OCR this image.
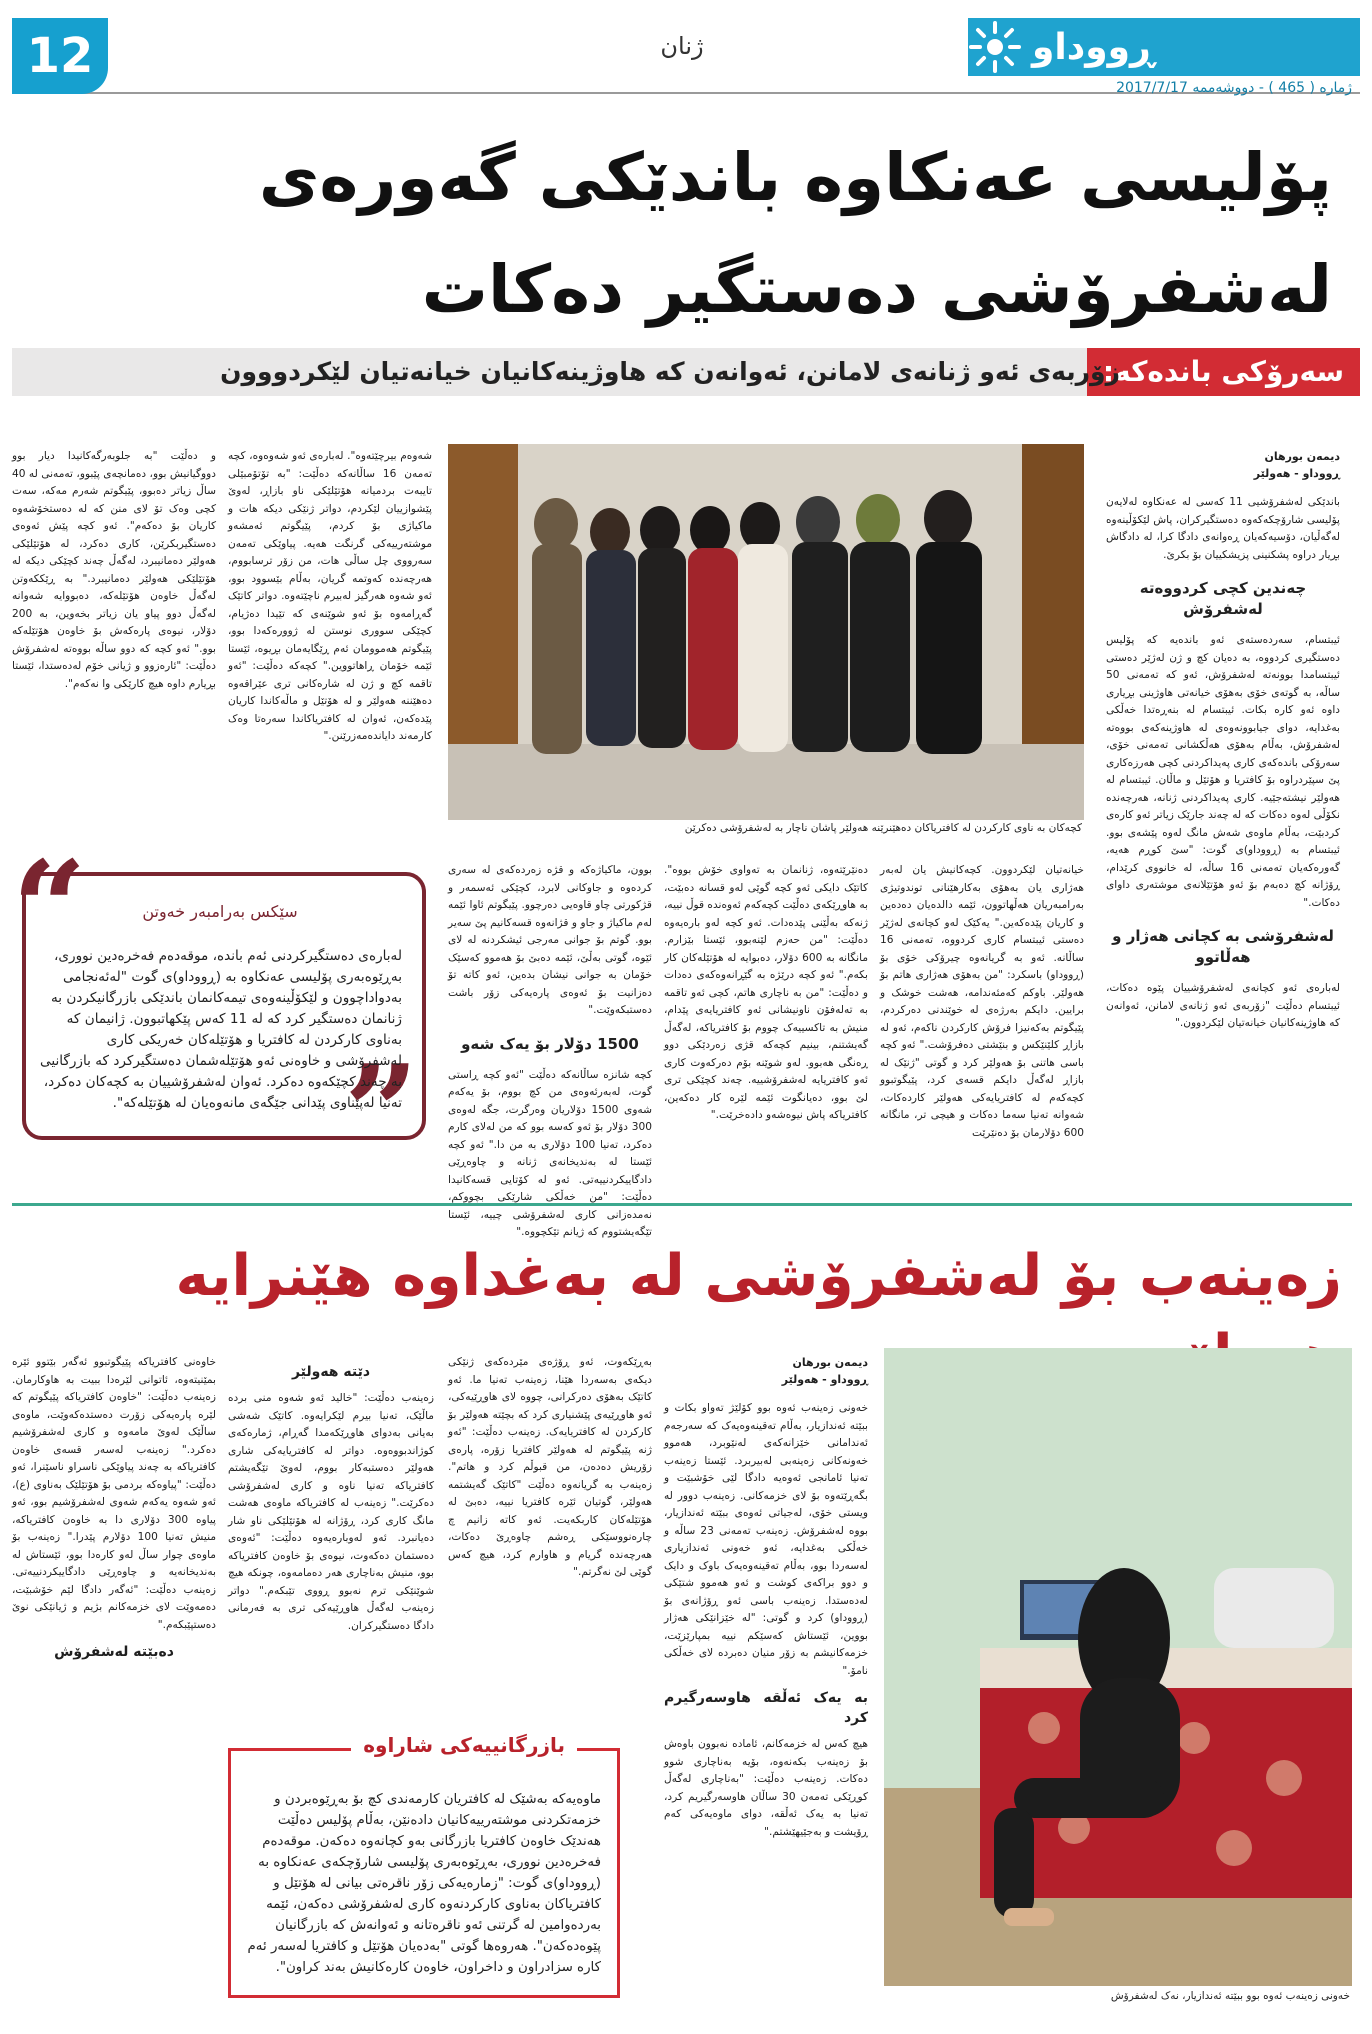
12	ژنان	ڕووداو
ژمارە ( 465 ) - دووشەممە 2017/7/17
پۆلیسی عەنكاوە باندێكی گەورەی لەشفرۆشی دەستگیر دەكات
سەرۆکی باندەکە:
زۆربەی ئەو ژنانەی لامانن، ئەوانەن کە هاوژینەکانیان خیانەتیان لێکردووون
دیمەن بورهان
ڕووداو - هەولێر

باندێکی لەشفرۆشیی 11 کەسی لە عەنکاوە لەلایەن پۆلیسی شارۆچکەکەوە دەستگیرکران، پاش لێکۆڵینەوە لەگەڵیان، دۆسیەکەیان ڕەوانەی دادگا کرا، لە دادگاش بڕیار دراوە پشکنینی پزیشکییان بۆ بکرێ.

چەندین کچی کردووەتە لەشفرۆش

ئیبتسام، سەردەستەی ئەو باندەیە کە پۆلیس دەستگیری کردووە، بە دەیان کچ و ژن لەژێر دەستی ئیبتسامدا بوونەتە لەشفرۆش، ئەو کە تەمەنی 50 ساڵە، بە گوتەی خۆی بەهۆی خیانەتی هاوژینی بڕیاری داوە ئەو کارە بکات. ئیبتسام لە بنەڕەتدا خەڵکی بەغدایە، دوای جیابوونەوەی لە هاوژینەکەی بووەتە لەشفرۆش، بەڵام بەهۆی هەڵکشانی تەمەنی خۆی، سەرۆکی باندەکەی کاری پەیداکردنی کچی هەرزەکاری پێ سپێردراوە بۆ کافتریا و هۆتێل و ماڵان. ئیبتسام لە هەولێر نیشتەجێیە. کاری پەیداکردنی ژنانە، هەرچەندە نکۆڵی لەوە دەکات کە لە چەند جارێک زیاتر ئەو کارەی کردبێت، بەڵام ماوەی شەش مانگ لەوە پێشەی بوو. ئیبتسام بە (ڕووداو)ی گوت: "سێ کوڕم هەیە، گەورەکەیان تەمەنی 16 ساڵە، لە خانووی کرێدام، ڕۆژانە کچ دەبەم بۆ ئەو هۆتێلانەی موشتەری داوای دەکات."

لەشفرۆشی بە کچانی هەژار و هەڵاتوو

لەبارەی ئەو کچانەی لەشفرۆشییان پێوە دەکات، ئیبتسام دەڵێت "زۆربەی ئەو ژنانەی لامانن، ئەوانەن کە هاوژینەکانیان خیانەتیان لێکردوون."

کچەکان بە ناوی کارکردن لە کافتریاکان دەهێنرێنە هەولێر پاشان ناچار بە لەشفرۆشی دەکرێن

خیانەتیان لێکردوون. کچەکانیش یان لەبەر هەژاری یان بەهۆی بەکارهێنانی توندوتیژی بەرامبەریان هەڵهاتوون، ئێمە دالدەیان دەدەین و کاریان پێدەکەین." یەکێک لەو کچانەی لەژێر دەستی ئیبتسام کاری کردووە، تەمەنی 16 ساڵانە. ئەو بە گریانەوە چیرۆکی خۆی بۆ (ڕووداو) باسکرد: "من بەهۆی هەژاری هاتم بۆ هەولێر. باوکم کەمئەندامە، هەشت خوشک و برایین. دایکم بەرژەی لە خوێندنی دەرکردم، پێیگوتم بەکەنیزا فرۆش کارکردن ناکەم، ئەو لە بازاڕ کلێنێکس و بنێشتی دەفرۆشت." ئەو کچە باسی هاتنی بۆ هەولێر کرد و گوتی "ژنێک لە بازاڕ لەگەڵ دایکم قسەی کرد، پێیگوتبوو کچەکەم لە کافتریایەکی هەولێر کاردەکات، شەوانە تەنیا سەما دەکات و هیچی تر، مانگانە 600 دۆلارمان بۆ دەنێرێت

دەنێرێتەوە، ژنانمان بە تەواوی خۆش بووە". کاتێک دایکی ئەو کچە گوێی لەو قسانە دەبێت، بە هاوڕێکەی دەڵێت کچەکەم ئەوەندە قوڵ نییە، ژنەکە بەڵێنی پێدەدات. ئەو کچە لەو بارەیەوە دەڵێت: "من حەزم لێنەبوو، ئێستا بێزارم. مانگانە بە 600 دۆلار، دەبوایە لە هۆتێلەکان کار بکەم." ئەو کچە درێژە بە گێڕانەوەکەی دەدات و دەڵێت: "من بە ناچاری هاتم، کچی ئەو تاقمە بە تەلەفۆن ناونیشانی ئەو کافتریایەی پێدام، منیش بە تاکسییەک چووم بۆ کافتریاکە، لەگەڵ گەیشتنم، بینیم کچەکە قژی زەردێکی دوو ڕەنگی هەبوو. لەو شوێنە بۆم دەرکەوت کاری ئەو کافتریایە لەشفرۆشییە. چەند کچێکی تری لێ بوو، دەیانگوت ئێمە لێرە کار دەکەین، کافتریاکە پاش نیوەشەو دادەخرێت."

بوون، ماکیاژەکە و قژە زەردەکەی لە سەری کردەوە و جاوکانی لابرد، کچێکی ئەسمەر و قژکورتی چاو قاوەیی دەرچوو. پێیگوتم ئاوا ئێمە لەم ماکیاژ و جاو و قژانەوە قسەکانیم پێ سەیر بوو. گوتم بۆ جوانی مەرجی ئیشکردنە لە لای ئێوە، گوتی بەڵێ، ئێمە دەبێ بۆ هەموو کەسێک خۆمان بە جوانی نیشان بدەین، ئەو کاتە تۆ دەزانیت بۆ ئەوەی پارەیەکی زۆر باشت دەستبکەوێت."

1500 دۆلار بۆ یەک شەو

کچە شانزە ساڵانەکە دەڵێت "ئەو کچە ڕاستی گوت، لەبەرئەوەی من کچ بووم، بۆ یەکەم شەوی 1500 دۆلاریان وەرگرت، جگە لەوەی 300 دۆلار بۆ ئەو کەسە بوو کە من لەلای کارم دەکرد، تەنیا 100 دۆلاری بە من دا." ئەو کچە ئێستا لە بەندیخانەی ژنانە و چاوەڕێی دادگاییکردنییەتی. ئەو لە کۆتایی قسەکانیدا دەڵێت: "من خەڵکی شارێکی بچووکم، نەمدەزانی کاری لەشفرۆشی چییە، ئێستا تێگەیشتووم کە ژیانم تێکچووە."

شەوەم بیرچێتەوە". لەبارەی ئەو شەوەوە، کچە تەمەن 16 ساڵانەکە دەڵێت: "بە تۆتۆمبێلی تایبەت بردمیانە هۆتێلێکی ناو بازاڕ، لەوێ پێشوازییان لێکردم، دواتر ژنێکی دیکە هات و ماکیاژی بۆ کردم، پێیگوتم ئەمشەو موشتەرییەکی گرنگت هەیە. پیاوێکی تەمەن سەرووی چل ساڵی هات، من زۆر ترسابووم، هەرچەندە کەوتمە گریان، بەڵام بێسوود بوو، ئەو شەوە هەرگیز لەبیرم ناچێتەوە. دواتر کاتێک گەڕامەوە بۆ ئەو شوێنەی کە تێیدا دەژیام، کچێکی سووری نوستن لە ژوورەکەدا بوو، پێیگوتم هەموومان ئەم ڕێگایەمان بڕیوە، ئێستا ئێمە خۆمان ڕاهاتووین." کچەکە دەڵێت: "ئەو تاقمە کچ و ژن لە شارەکانی تری عێراقەوە دەهێننە هەولێر و لە هۆتێل و ماڵەکاندا کاریان پێدەکەن، ئەوان لە کافتریاکاندا سەرەتا وەک کارمەند دایاندەمەزرێنن."

و دەڵێت "بە جلوبەرگەکانیدا دیار بوو دووگیانیش بوو، دەمانچەی پێبوو، تەمەنی لە 40 ساڵ زیاتر دەبوو، پێیگوتم شەرم مەکە، سەت کچی وەک تۆ لای منن کە لە دەستخۆشەوە کاریان بۆ دەکەم". ئەو کچە پێش ئەوەی دەستگیربکرێن، کاری دەکرد، لە هۆتێلێکی هەولێر دەمانیبرد، لەگەڵ چەند کچێکی دیکە لە هۆتێلێکی هەولێر دەمانیبرد." بە ڕێککەوتن لەگەڵ خاوەن هۆتێلەکە، دەبووایە شەوانە لەگەڵ دوو پیاو یان زیاتر بخەوین، بە 200 دۆلار، نیوەی پارەکەش بۆ خاوەن هۆتێلەکە بوو." ئەو کچە کە دوو ساڵە بووەتە لەشفرۆش دەڵێت: "ئارەزوو و ژیانی خۆم لەدەستدا، ئێستا بڕیارم داوە هیچ کارێکی وا نەکەم".

“
”
سێکس بەرامبەر خەوتن
لەبارەی دەستگیرکردنی ئەم باندە، موقەدەم فەخرەدین نووری، بەڕێوەبەری پۆلیسی عەنکاوە بە (ڕووداو)ی گوت "لەئەنجامی بەدواداچوون و لێکۆڵینەوەی تیمەکانمان باندێکی بازرگانیکردن بە ژنانمان دەستگیر کرد کە لە 11 کەس پێکهاتبوون. ژانیمان کە بەناوی کارکردن لە کافتریا و هۆتێلەکان خەریکی کاری لەشفرۆشی و خاوەنی ئەو هۆتێلەشمان دەستگیرکرد کە بازرگانیی بە چەند کچێکەوە دەکرد. ئەوان لەشفرۆشییان بە کچەکان دەکرد، تەنیا لەپێناوی پێدانی جێگەی مانەوەیان لە هۆتێلەکە".
زەینەب بۆ لەشفرۆشی لە بەغداوە هێنرایە
خەونی زەینەب ئەوە بوو ببێتە ئەندازیار، نەک لەشفرۆش
دیمەن بورهان
ڕووداو - هەولێر

خەونی زەینەب ئەوە بوو کۆلێژ تەواو بکات و ببێتە ئەندازیار، بەڵام تەقینەوەیەک کە سەرجەم ئەندامانی خێزانەکەی لەنێوبرد، هەموو خەونەکانی زەینەبی لەبیربرد. ئێستا زەینەب تەنیا ئامانجی ئەوەیە دادگا لێی خۆشبێت و بگەڕێتەوە بۆ لای خزمەکانی. زەینەب دوور لە ویستی خۆی، لەجیاتی ئەوەی ببێتە ئەندازیار، بووە لەشفرۆش. زەینەب تەمەنی 23 ساڵە و خەڵکی بەغدایە، ئەو خەونی ئەندازیاری لەسەردا بوو، بەڵام تەقینەوەیەک باوک و دایک و دوو براکەی کوشت و ئەو هەموو شتێکی لەدەستدا. زەینەب باسی ئەو ڕۆژانەی بۆ (ڕووداو) کرد و گوتی: "لە خێزانێکی هەژار بووین، ئێستاش کەسێکم نییە بمپارێزێت، خزمەکانیشم بە زۆر منیان دەبردە لای خەڵکی نامۆ."

بە یەک ئەڵقە هاوسەرگیرم کرد

هیچ کەس لە خزمەکانم، ئامادە نەبوون باوەش بۆ زەینەب بکەنەوە، بۆیە بەناچاری شوو دەکات. زەینەب دەڵێت: "بەناچاری لەگەڵ کوڕێکی تەمەن 30 ساڵان هاوسەرگیریم کرد، تەنیا بە یەک ئەڵقە، دوای ماوەیەکی کەم ڕۆیشت و بەجێیهێشتم."

بەڕێکەوت، ئەو ڕۆژەی مێردەکەی ژنێکی دیکەی بەسەردا هێنا، زەینەب تەنیا ما. ئەو کاتێک بەهۆی دەرکرانی، چووە لای هاوڕێیەکی، ئەو هاوڕێیەی پێشنیاری کرد کە بچێتە هەولێر بۆ کارکردن لە کافتریایەک. زەینەب دەڵێت: "ئەو ژنە پێیگوتم لە هەولێر کافتریا زۆرە، پارەی زۆریش دەدەن، من قبوڵم کرد و هاتم". زەینەب بە گریانەوە دەڵێت "کاتێک گەیشتمە هەولێر، گوتیان ئێرە کافتریا نییە، دەبێ لە هۆتێلەکان کاربکەیت. ئەو کاتە زانیم چ چارەنووسێکی ڕەشم چاوەڕێ دەکات، هەرچەندە گریام و هاوارم کرد، هیچ کەس گوێی لێ نەگرتم."

دێتە هەولێر

زەینەب دەڵێت: "خالید ئەو شەوە منی برده ماڵێک، تەنیا بیرم لێکرایەوە. کاتێک شەشی بەیانی بەدوای هاوڕێکەمدا گەڕام، ژمارەکەی کوژاندبووەوە. دواتر لە کافتریایەکی شاری هەولێر دەستبەکار بووم، لەوێ تێگەیشتم کافتریاکە تەنیا ناوە و کاری لەشفرۆشی دەکرێت." زەینەب لە کافتریاکە ماوەی هەشت مانگ کاری کرد، ڕۆژانە لە هۆتێلێکی ناو شار دەیانبرد. ئەو لەوبارەیەوە دەڵێت: "ئەوەی دەستمان دەکەوت، نیوەی بۆ خاوەن کافتریاکە بوو، منیش بەناچاری هەر دەمامەوە، چونکە هیچ شوێنێکی ترم نەبوو ڕووی تێبکەم." دواتر زەینەب لەگەڵ هاوڕێیەکی تری بە فەرمانی دادگا دەستگیرکران.

خاوەنی کافتریاکە پێیگوتبوو ئەگەر بێتوو ئێرە بمێنیتەوە، ئاتوانی لێرەدا ببیت بە هاوکارمان. زەینەب دەڵێت: "خاوەن کافتریاکە پێیگوتم کە لێرە پارەیەکی زۆرت دەستدەکەوێت، ماوەی ساڵێک لەوێ مامەوە و کاری لەشفرۆشیم دەکرد." زەینەب لەسەر قسەی خاوەن کافتریاکە بە چەند پیاوێکی ناسراو ناسێنرا، ئەو دەڵێت: "پیاوەکە بردمی بۆ هۆتێلێک بەناوی (ع)، ئەو شەوە یەکەم شەوی لەشفرۆشیم بوو، ئەو پیاوە 300 دۆلاری دا بە خاوەن کافتریاکە، منیش تەنیا 100 دۆلارم پێدرا." زەینەب بۆ ماوەی چوار ساڵ لەو کارەدا بوو، ئێستاش لە بەندیخانەیە و چاوەڕێی دادگاییکردنییەتی. زەینەب دەڵێت: "ئەگەر دادگا لێم خۆشبێت، دەمەوێت لای خزمەکانم بژیم و ژیانێکی نوێ دەستپێبکەم."

دەبێتە لەشفرۆش
بازرگانییەکی شاراوە
ماوەیەکە بەشێک لە کافتریان کارمەندی کچ بۆ بەڕێوەبردن و خزمەتکردنی موشتەرییەکانیان دادەنێن، بەڵام پۆلیس دەڵێت هەندێک خاوەن کافتریا بازرگانی بەو کچانەوە دەکەن. موقەدەم فەخرەدین نووری، بەڕێوەبەری پۆلیسی شارۆچکەی عەنکاوە بە (ڕووداو)ی گوت: "زمارەیەکی زۆر ناقرەتی بیانی لە هۆتێل و کافتریاکان بەناوی کارکردنەوە کاری لەشفرۆشی دەکەن، ئێمە بەردەوامین لە گرتنی ئەو ناقرەتانە و ئەوانەش کە بازرگانیان پێوەدەکەن". هەروەها گوتی "بەدەیان هۆتێل و کافتریا لەسەر ئەم کارە سزادراون و داخراون، خاوەن کارەکانیش بەند کراون".
